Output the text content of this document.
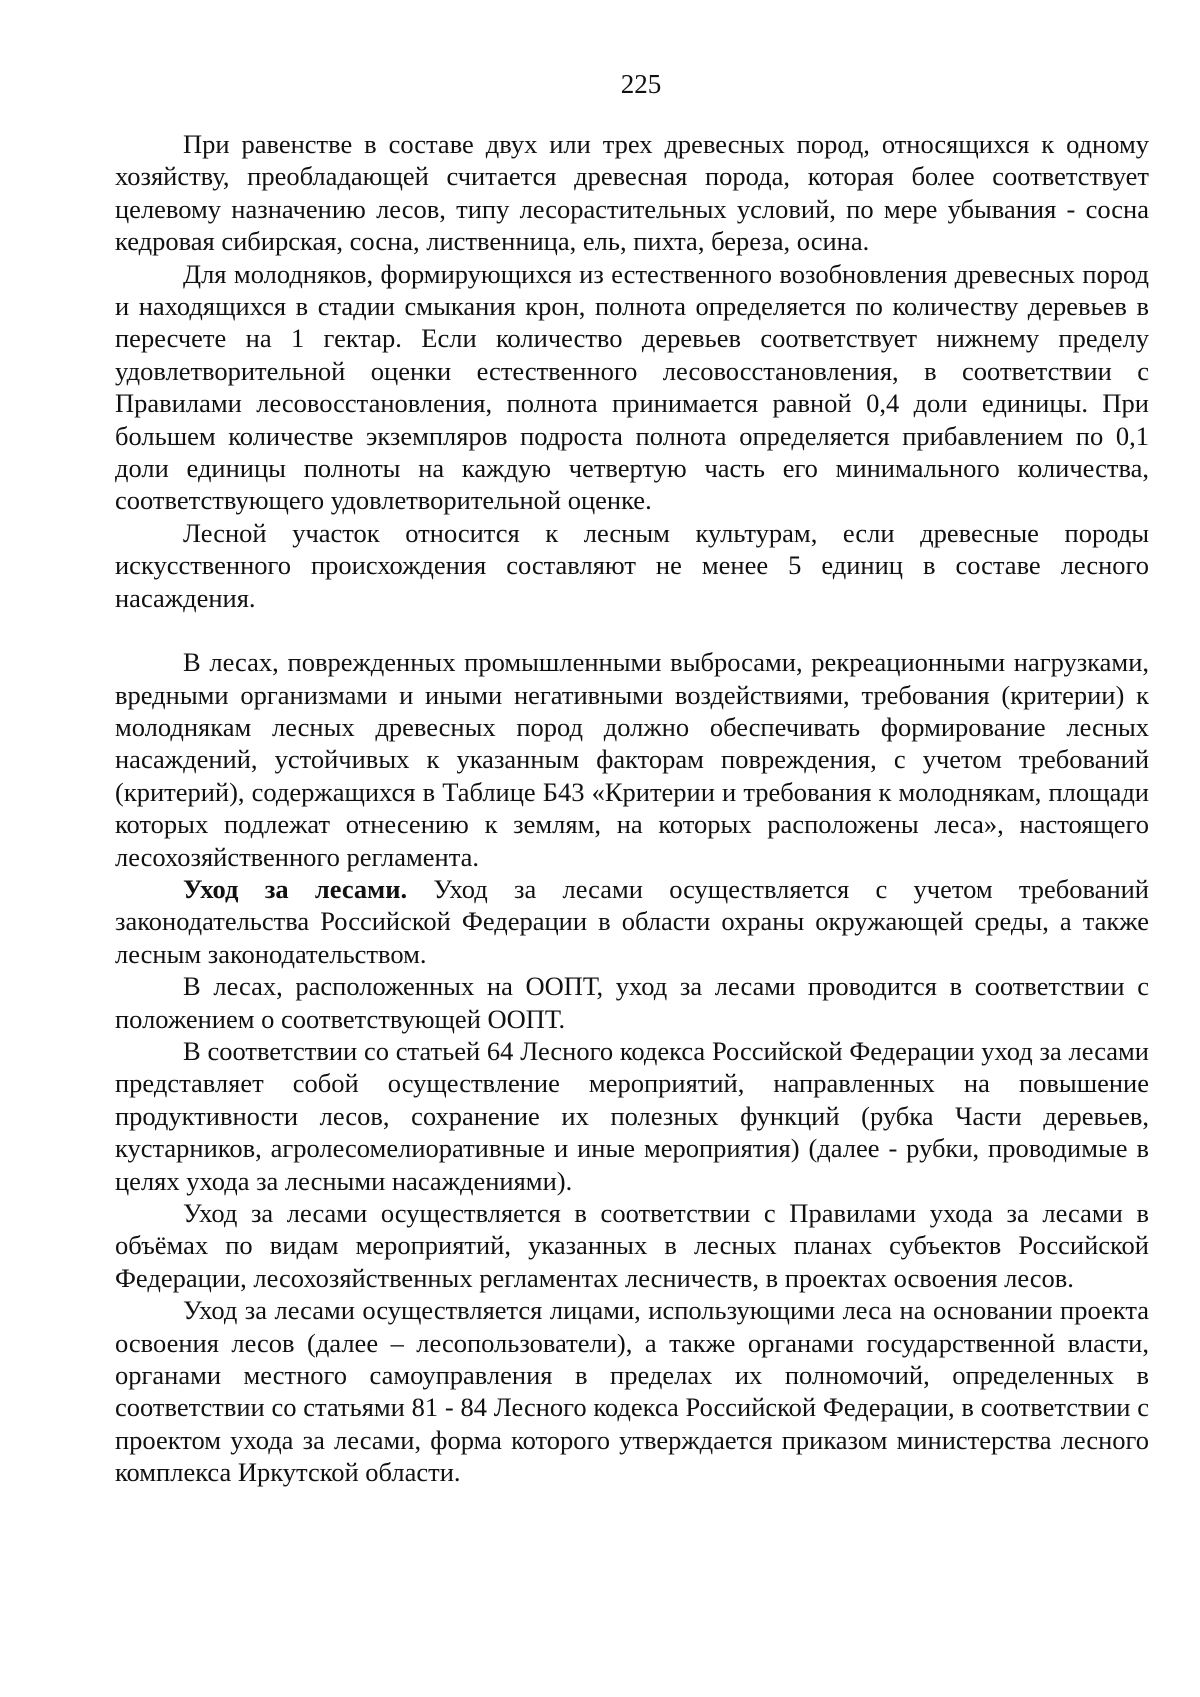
225

При равенстве в составе двух или трех древесных пород, относящихся к одному хозяйству, преобладающей считается древесная порода, которая более соответствует целевому назначению лесов, типу лесорастительных условий, по мере убывания - сосна кедровая сибирская, сосна, лиственница, ель, пихта, береза, осина.

Для молодняков, формирующихся из естественного возобновления древесных пород и находящихся в стадии смыкания крон, полнота определяется по количеству деревьев в пересчете на 1 гектар. Если количество деревьев соответствует нижнему пределу удовлетворительной оценки естественного лесовосстановления, в соответствии с Правилами лесовосстановления, полнота принимается равной 0,4 доли единицы. При большем количестве экземпляров подроста полнота определяется прибавлением по 0,1 доли единицы полноты на каждую четвертую часть его минимального количества, соответствующего удовлетворительной оценке.

Лесной участок относится к лесным культурам, если древесные породы искусственного происхождения составляют не менее 5 единиц в составе лесного насаждения.

В лесах, поврежденных промышленными выбросами, рекреационными нагрузками, вредными организмами и иными негативными воздействиями, требования (критерии) к молоднякам лесных древесных пород должно обеспечивать формирование лесных насаждений, устойчивых к указанным факторам повреждения, с учетом требований (критерий), содержащихся в Таблице Б43 «Критерии и требования к молоднякам, площади которых подлежат отнесению к землям, на которых расположены леса», настоящего лесохозяйственного регламента.

Уход за лесами. Уход за лесами осуществляется с учетом требований законодательства Российской Федерации в области охраны окружающей среды, а также лесным законодательством.

В лесах, расположенных на ООПТ, уход за лесами проводится в соответствии с положением о соответствующей ООПТ.

В соответствии со статьей 64 Лесного кодекса Российской Федерации уход за лесами представляет собой осуществление мероприятий, направленных на повышение продуктивности лесов, сохранение их полезных функций (рубка Части деревьев, кустарников, агролесомелиоративные и иные мероприятия) (далее - рубки, проводимые в целях ухода за лесными насаждениями).

Уход за лесами осуществляется в соответствии с Правилами ухода за лесами в объёмах по видам мероприятий, указанных в лесных планах субъектов Российской Федерации, лесохозяйственных регламентах лесничеств, в проектах освоения лесов.

Уход за лесами осуществляется лицами, использующими леса на основании проекта освоения лесов (далее – лесопользователи), а также органами государственной власти, органами местного самоуправления в пределах их полномочий, определенных в соответствии со статьями 81 - 84 Лесного кодекса Российской Федерации, в соответствии с проектом ухода за лесами, форма которого утверждается приказом министерства лесного комплекса Иркутской области.
